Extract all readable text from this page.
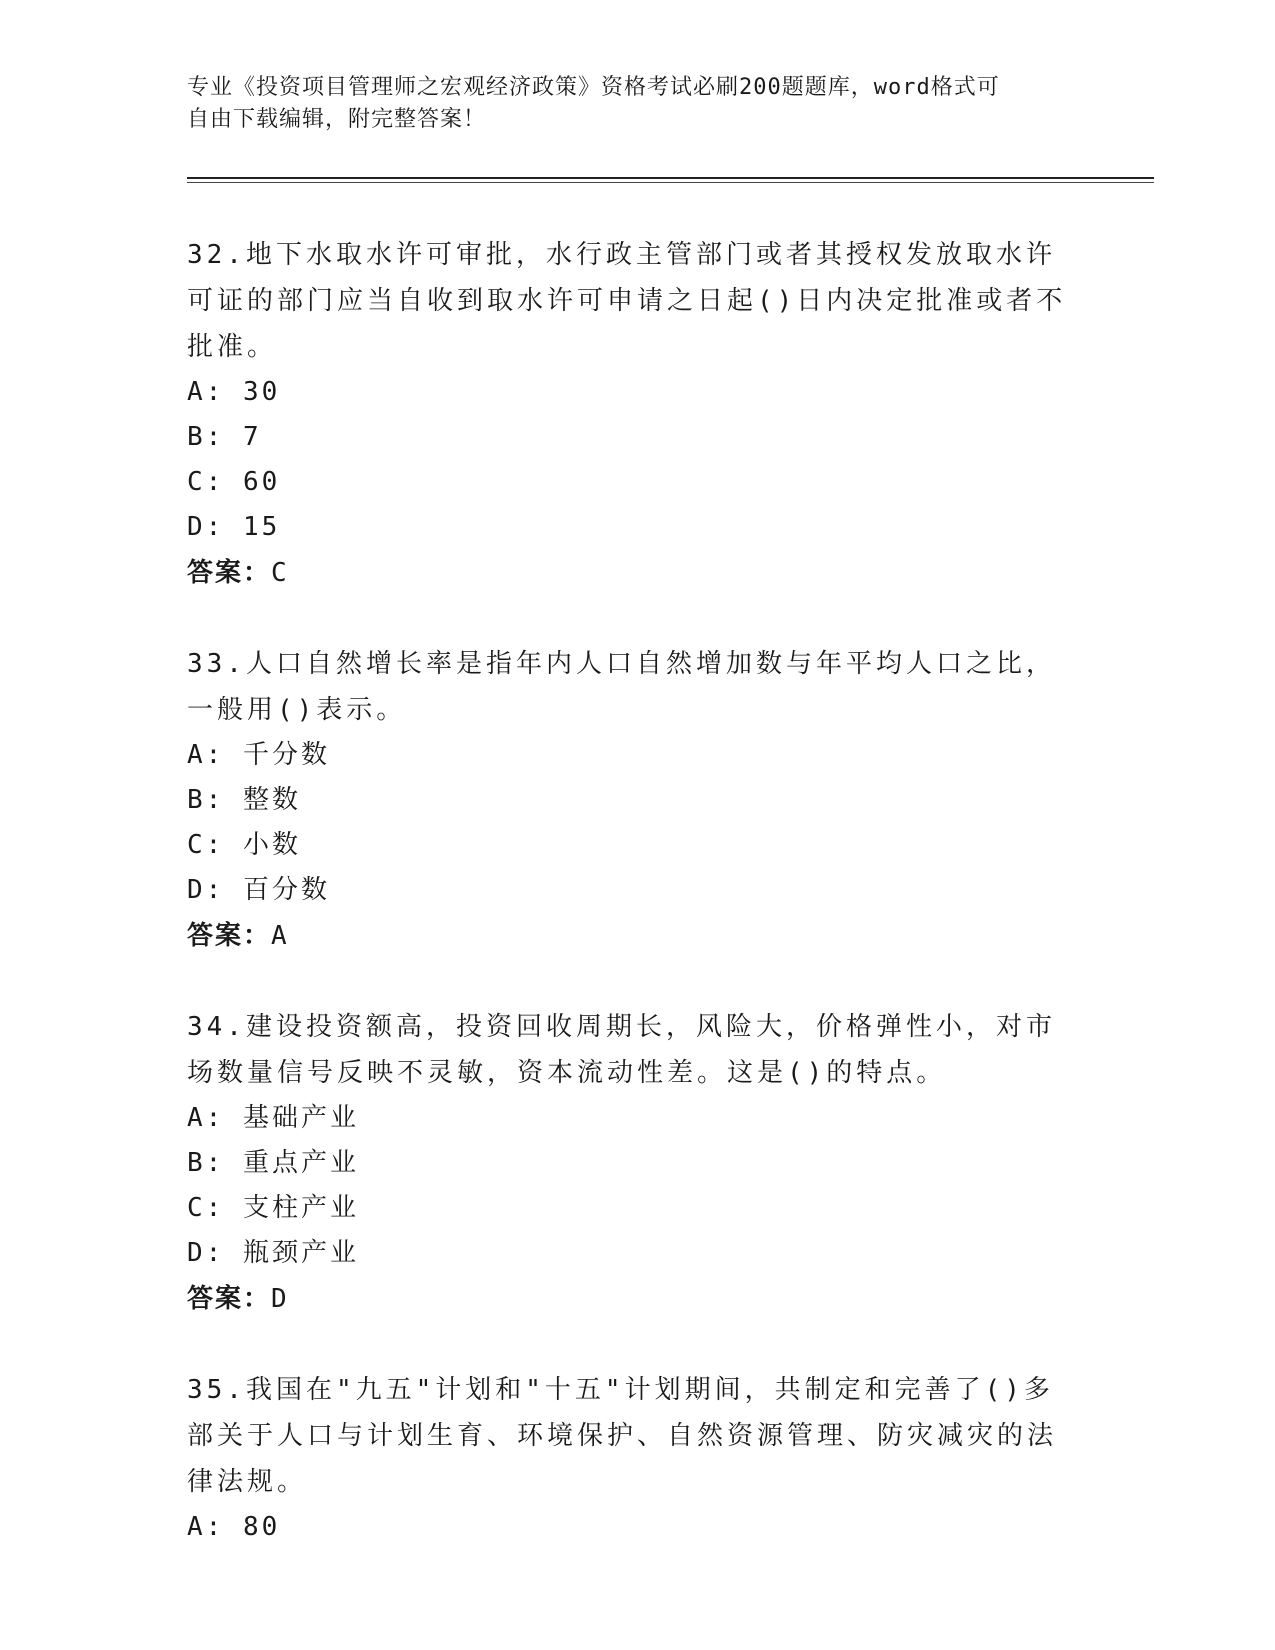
专业《投资项目管理师之宏观经济政策》资格考试必刷200题题库，word格式可
自由下载编辑，附完整答案！
32.地下水取水许可审批，水行政主管部门或者其授权发放取水许可证的部门应当自收到取水许可申请之日起()日内决定批准或者不批准。
A: 30
B: 7
C: 60
D: 15
答案：C
33.人口自然增长率是指年内人口自然增加数与年平均人口之比，一般用()表示。
A: 千分数
B: 整数
C: 小数
D: 百分数
答案：A
34.建设投资额高，投资回收周期长，风险大，价格弹性小，对市场数量信号反映不灵敏，资本流动性差。这是()的特点。
A: 基础产业
B: 重点产业
C: 支柱产业
D: 瓶颈产业
答案：D
35.我国在"九五"计划和"十五"计划期间，共制定和完善了()多部关于人口与计划生育、环境保护、自然资源管理、防灾减灾的法律法规。
A: 80
